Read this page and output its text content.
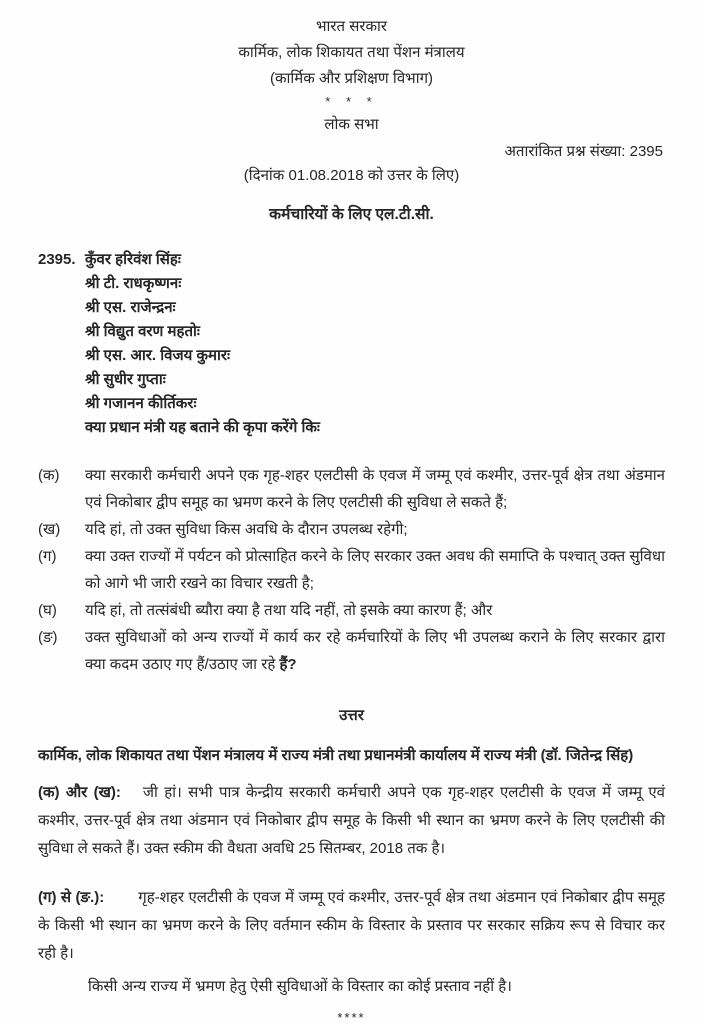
भारत सरकार
कार्मिक, लोक शिकायत तथा पेंशन मंत्रालय
(कार्मिक और प्रशिक्षण विभाग)
* * *
लोक सभा
अतारांकित प्रश्न संख्या: 2395
(दिनांक 01.08.2018 को उत्तर के लिए)
कर्मचारियों के लिए एल.टी.सी.
2395. कुँवर हरिवंश सिंहः
श्री टी. राधकृष्णनः
श्री एस. राजेन्द्रनः
श्री विद्युत वरण महतोः
श्री एस. आर. विजय कुमारः
श्री सुधीर गुप्ताः
श्री गजानन कीर्तिकरः
क्या प्रधान मंत्री यह बताने की कृपा करेंगे किः
(क)	क्या सरकारी कर्मचारी अपने एक गृह-शहर एलटीसी के एवज में जम्मू एवं कश्मीर, उत्तर-पूर्व क्षेत्र तथा अंडमान एवं निकोबार द्वीप समूह का भ्रमण करने के लिए एलटीसी की सुविधा ले सकते हैं;
(ख)	यदि हां, तो उक्त सुविधा किस अवधि के दौरान उपलब्ध रहेगी;
(ग)	क्या उक्त राज्यों में पर्यटन को प्रोत्साहित करने के लिए सरकार उक्त अवध की समाप्ति के पश्चात् उक्त सुविधा को आगे भी जारी रखने का विचार रखती है;
(घ)	यदि हां, तो तत्संबंधी ब्यौरा क्या है तथा यदि नहीं, तो इसके क्या कारण हैं; और
(ङ)	उक्त सुविधाओं को अन्य राज्यों में कार्य कर रहे कर्मचारियों के लिए भी उपलब्ध कराने के लिए सरकार द्वारा क्या कदम उठाए गए हैं/उठाए जा रहे हैं?
उत्तर
कार्मिक, लोक शिकायत तथा पेंशन मंत्रालय में राज्य मंत्री तथा प्रधानमंत्री कार्यालय में राज्य मंत्री (डॉ. जितेन्द्र सिंह)
(क) और (ख): जी हां। सभी पात्र केन्द्रीय सरकारी कर्मचारी अपने एक गृह-शहर एलटीसी के एवज में जम्मू एवं कश्मीर, उत्तर-पूर्व क्षेत्र तथा अंडमान एवं निकोबार द्वीप समूह के किसी भी स्थान का भ्रमण करने के लिए एलटीसी की सुविधा ले सकते हैं। उक्त स्कीम की वैधता अवधि 25 सितम्बर, 2018 तक है।
(ग) से (ङ.): गृह-शहर एलटीसी के एवज में जम्मू एवं कश्मीर, उत्तर-पूर्व क्षेत्र तथा अंडमान एवं निकोबार द्वीप समूह के किसी भी स्थान का भ्रमण करने के लिए वर्तमान स्कीम के विस्तार के प्रस्ताव पर सरकार सक्रिय रूप से विचार कर रही है।
किसी अन्य राज्य में भ्रमण हेतु ऐसी सुविधाओं के विस्तार का कोई प्रस्ताव नहीं है।
****
